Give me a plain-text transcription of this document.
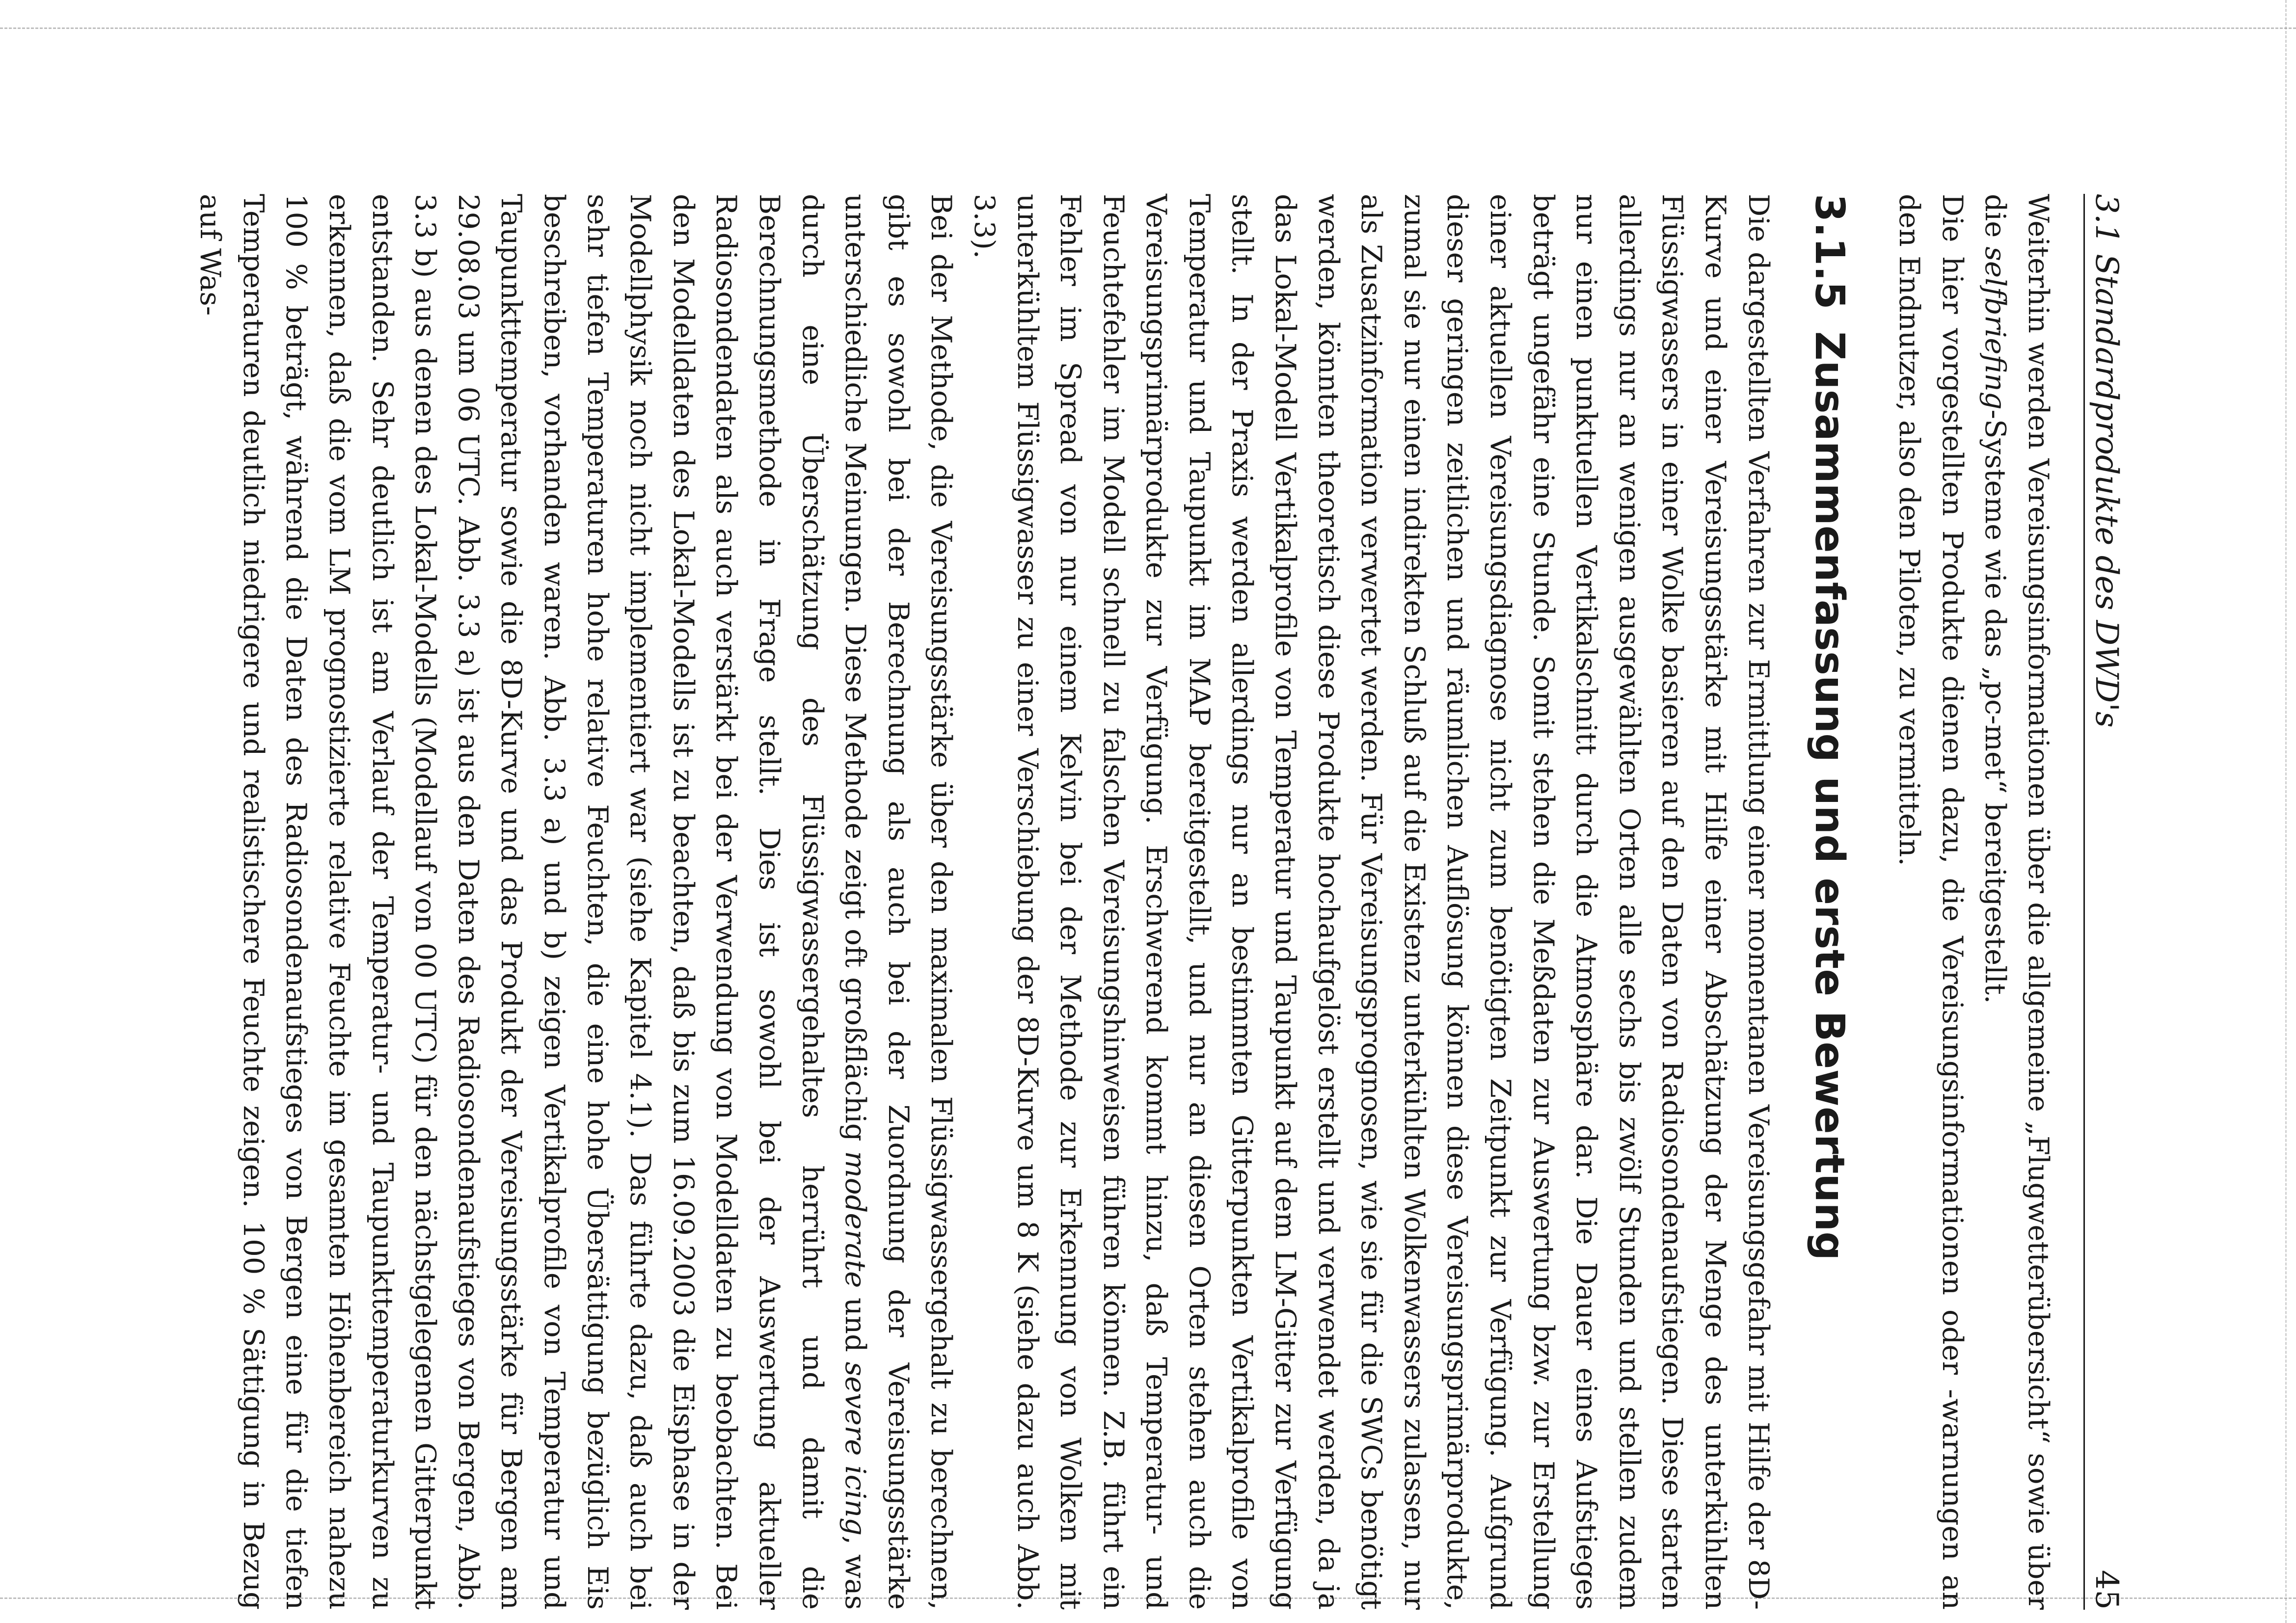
3.1 Standardprodukte des DWD's
45

Weiterhin werden Vereisungsinformationen über die allgemeine „Flugwetterübersicht“ sowie über die selfbriefing-Systeme wie das „pc-met“ bereitgestellt.

Die hier vorgestellten Produkte dienen dazu, die Vereisungsinformationen oder -warnungen an den Endnutzer, also den Piloten, zu vermitteln.

3.1.5Zusammenfassung und erste Bewertung

Die dargestellten Verfahren zur Ermittlung einer momentanen Vereisungsgefahr mit Hilfe der 8D-Kurve und einer Vereisungsstärke mit Hilfe einer Abschätzung der Menge des unterkühlten Flüssigwassers in einer Wolke basieren auf den Daten von Radiosondenaufstiegen. Diese starten allerdings nur an wenigen ausgewählten Orten alle sechs bis zwölf Stunden und stellen zudem nur einen punktuellen Vertikalschnitt durch die Atmosphäre dar. Die Dauer eines Aufstieges beträgt ungefähr eine Stunde. Somit stehen die Meßdaten zur Auswertung bzw. zur Erstellung einer aktuellen Vereisungsdiagnose nicht zum benötigten Zeitpunkt zur Verfügung. Aufgrund dieser geringen zeitlichen und räumlichen Auflösung können diese Vereisungsprimärprodukte, zumal sie nur einen indirekten Schluß auf die Existenz unterkühlten Wolkenwassers zulassen, nur als Zusatzinformation verwertet werden. Für Vereisungsprognosen, wie sie für die SWCs benötigt werden, könnten theoretisch diese Produkte hochaufgelöst erstellt und verwendet werden, da ja das Lokal-Modell Vertikalprofile von Temperatur und Taupunkt auf dem LM-Gitter zur Verfügung stellt. In der Praxis werden allerdings nur an bestimmten Gitterpunkten Vertikalprofile von Temperatur und Taupunkt im MAP bereitgestellt, und nur an diesen Orten stehen auch die Vereisungsprimärprodukte zur Verfügung. Erschwerend kommt hinzu, daß Temperatur- und Feuchtefehler im Modell schnell zu falschen Vereisungshinweisen führen können. Z.B. führt ein Fehler im Spread von nur einem Kelvin bei der Methode zur Erkennung von Wolken mit unterkühltem Flüssigwasser zu einer Verschiebung der 8D-Kurve um 8 K (siehe dazu auch Abb. 3.3).

Bei der Methode, die Vereisungsstärke über den maximalen Flüssigwassergehalt zu berechnen, gibt es sowohl bei der Berechnung als auch bei der Zuordnung der Vereisungsstärke unterschiedliche Meinungen. Diese Methode zeigt oft großflächig moderate und severe icing, was durch eine Überschätzung des Flüssigwassergehaltes herrührt und damit die Berechnungsmethode in Frage stellt. Dies ist sowohl bei der Auswertung aktueller Radiosondendaten als auch verstärkt bei der Verwendung von Modelldaten zu beobachten. Bei den Modelldaten des Lokal-Modells ist zu beachten, daß bis zum 16.09.2003 die Eisphase in der Modellphysik noch nicht implementiert war (siehe Kapitel 4.1). Das führte dazu, daß auch bei sehr tiefen Temperaturen hohe relative Feuchten, die eine hohe Übersättigung bezüglich Eis beschreiben, vorhanden waren. Abb. 3.3 a) und b) zeigen Vertikalprofile von Temperatur und Taupunkttemperatur sowie die 8D-Kurve und das Produkt der Vereisungsstärke für Bergen am 29.08.03 um 06 UTC. Abb. 3.3 a) ist aus den Daten des Radiosondenaufstieges von Bergen, Abb. 3.3 b) aus denen des Lokal-Modells (Modellauf von 00 UTC) für den nächstgelegenen Gitterpunkt entstanden. Sehr deutlich ist am Verlauf der Temperatur- und Taupunkttemperaturkurven zu erkennen, daß die vom LM prognostizierte relative Feuchte im gesamten Höhenbereich nahezu 100 % beträgt, während die Daten des Radiosondenaufstieges von Bergen eine für die tiefen Temperaturen deutlich niedrigere und realistischere Feuchte zeigen. 100 % Sättigung in Bezug auf Was-
